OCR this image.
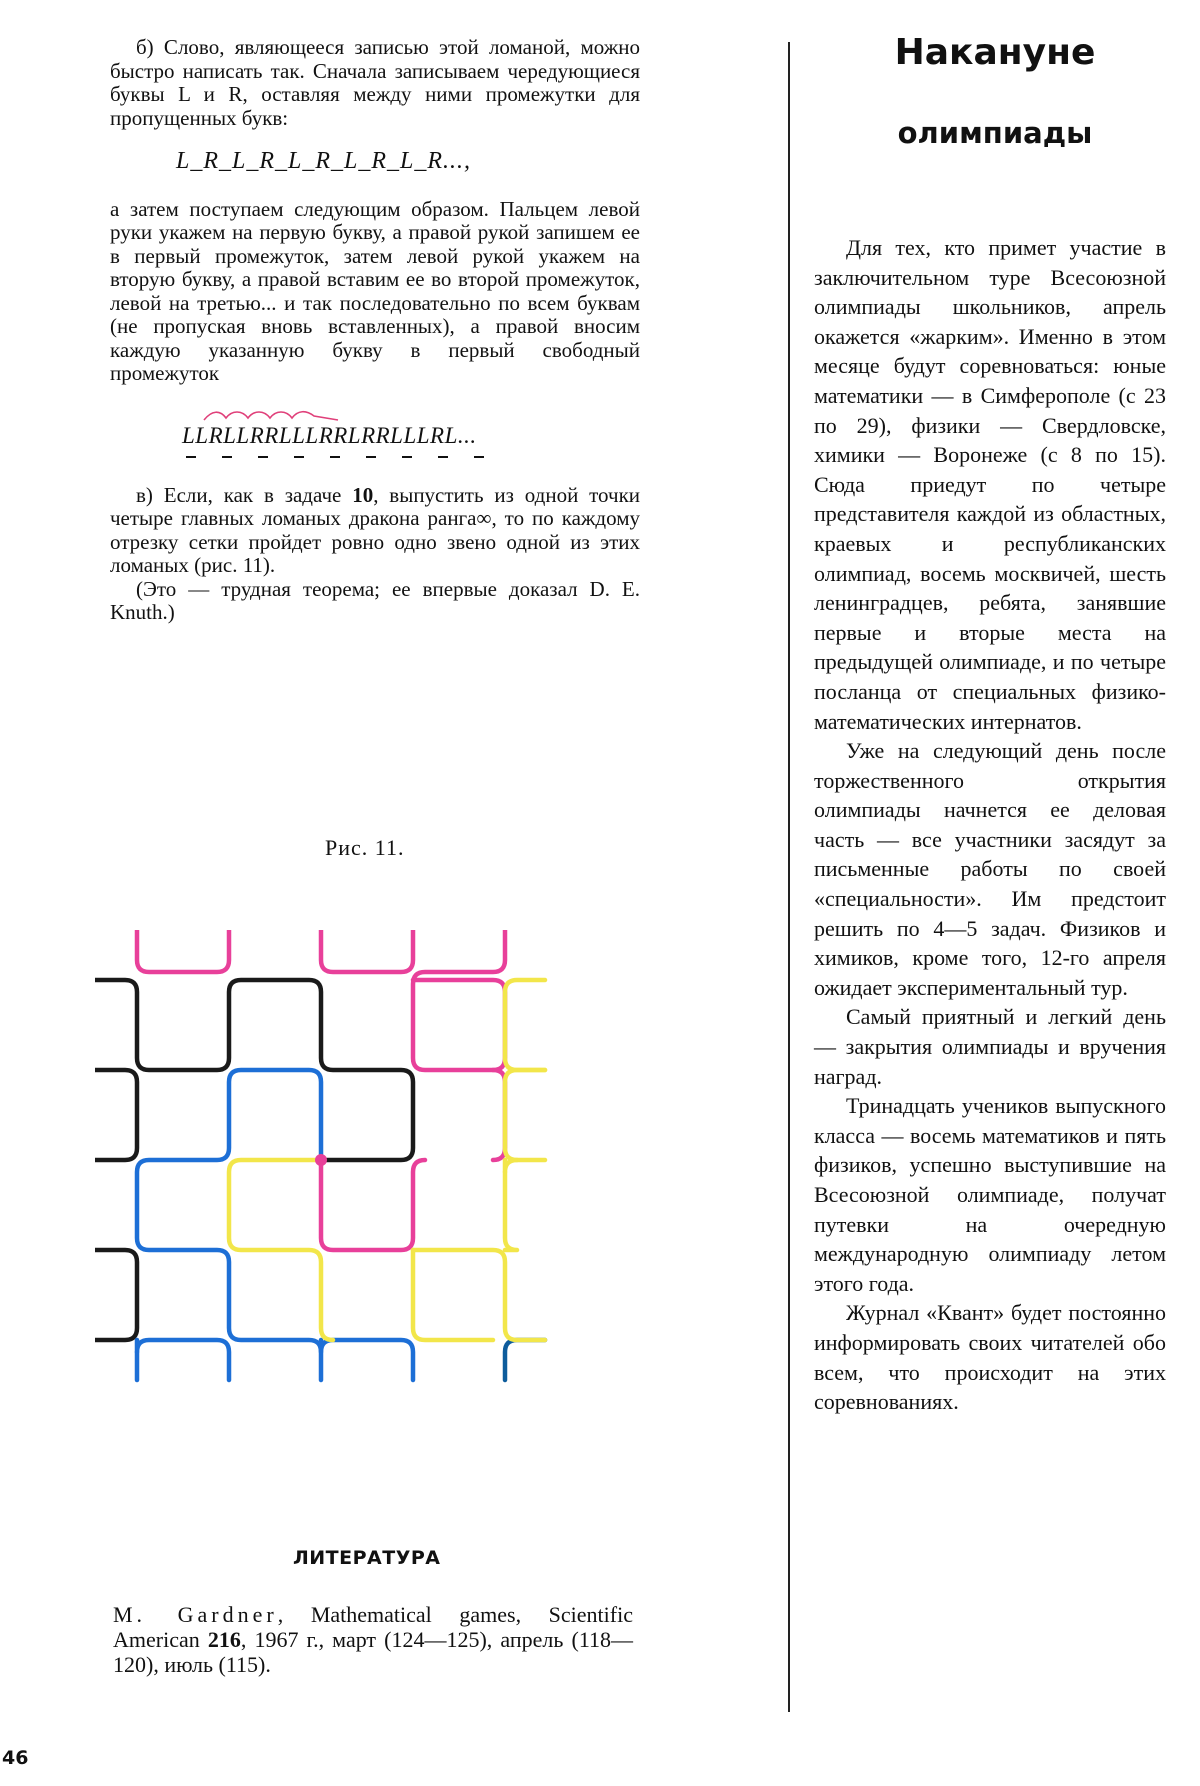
б) Слово, являющееся записью этой ломаной, можно быстро написать так. Сначала записываем чередующиеся буквы L и R, оставляя между ними промежутки для пропущенных букв:

L_R_L_R_L_R_L_R_L_R...,

а затем поступаем следующим образом. Пальцем левой руки укажем на первую букву, а правой рукой запишем ее в первый промежуток, затем левой рукой укажем на вторую букву, а правой вставим ее во второй промежуток, левой на третью... и так последовательно по всем буквам (не пропуская вновь вставленных), а правой вносим каждую указанную букву в первый свободный промежуток

LLRLLRRLLLRRLRRLLLRL...

в) Если, как в задаче 10, выпустить из одной точки четыре главных ломаных дракона ранга∞, то по каждому отрезку сетки пройдет ровно одно звено одной из этих ломаных (рис. 11).

(Это — трудная теорема; ее впервые доказал D. E. Knuth.)

Рис. 11.
ЛИТЕРАТУРА

M. Gardner, Mathematical games, Scientific American 216, 1967 г., март (124—125), апрель (118—120), июль (115).

46
Накануне
олимпиады

Для тех, кто примет участие в заключительном туре Всесоюзной олимпиады школьников, апрель окажется «жарким». Именно в этом месяце будут соревноваться: юные математики — в Симферополе (с 23 по 29), физики — Свердловске, химики — Воронеже (с 8 по 15). Сюда приедут по четыре представителя каждой из областных, краевых и республиканских олимпиад, восемь москвичей, шесть ленинградцев, ребята, занявшие первые и вторые места на предыдущей олимпиаде, и по четыре посланца от специальных физико-математических интернатов.

Уже на следующий день после торжественного открытия олимпиады начнется ее деловая часть — все участники засядут за письменные работы по своей «специальности». Им предстоит решить по 4—5 задач. Физиков и химиков, кроме того, 12-го апреля ожидает экспериментальный тур.

Самый приятный и легкий день — закрытия олимпиады и вручения наград.

Тринадцать учеников выпускного класса — восемь математиков и пять физиков, успешно выступившие на Всесоюзной олимпиаде, получат путевки на очередную международную олимпиаду летом этого года.

Журнал «Квант» будет постоянно информировать своих читателей обо всем, что происходит на этих соревнованиях.
